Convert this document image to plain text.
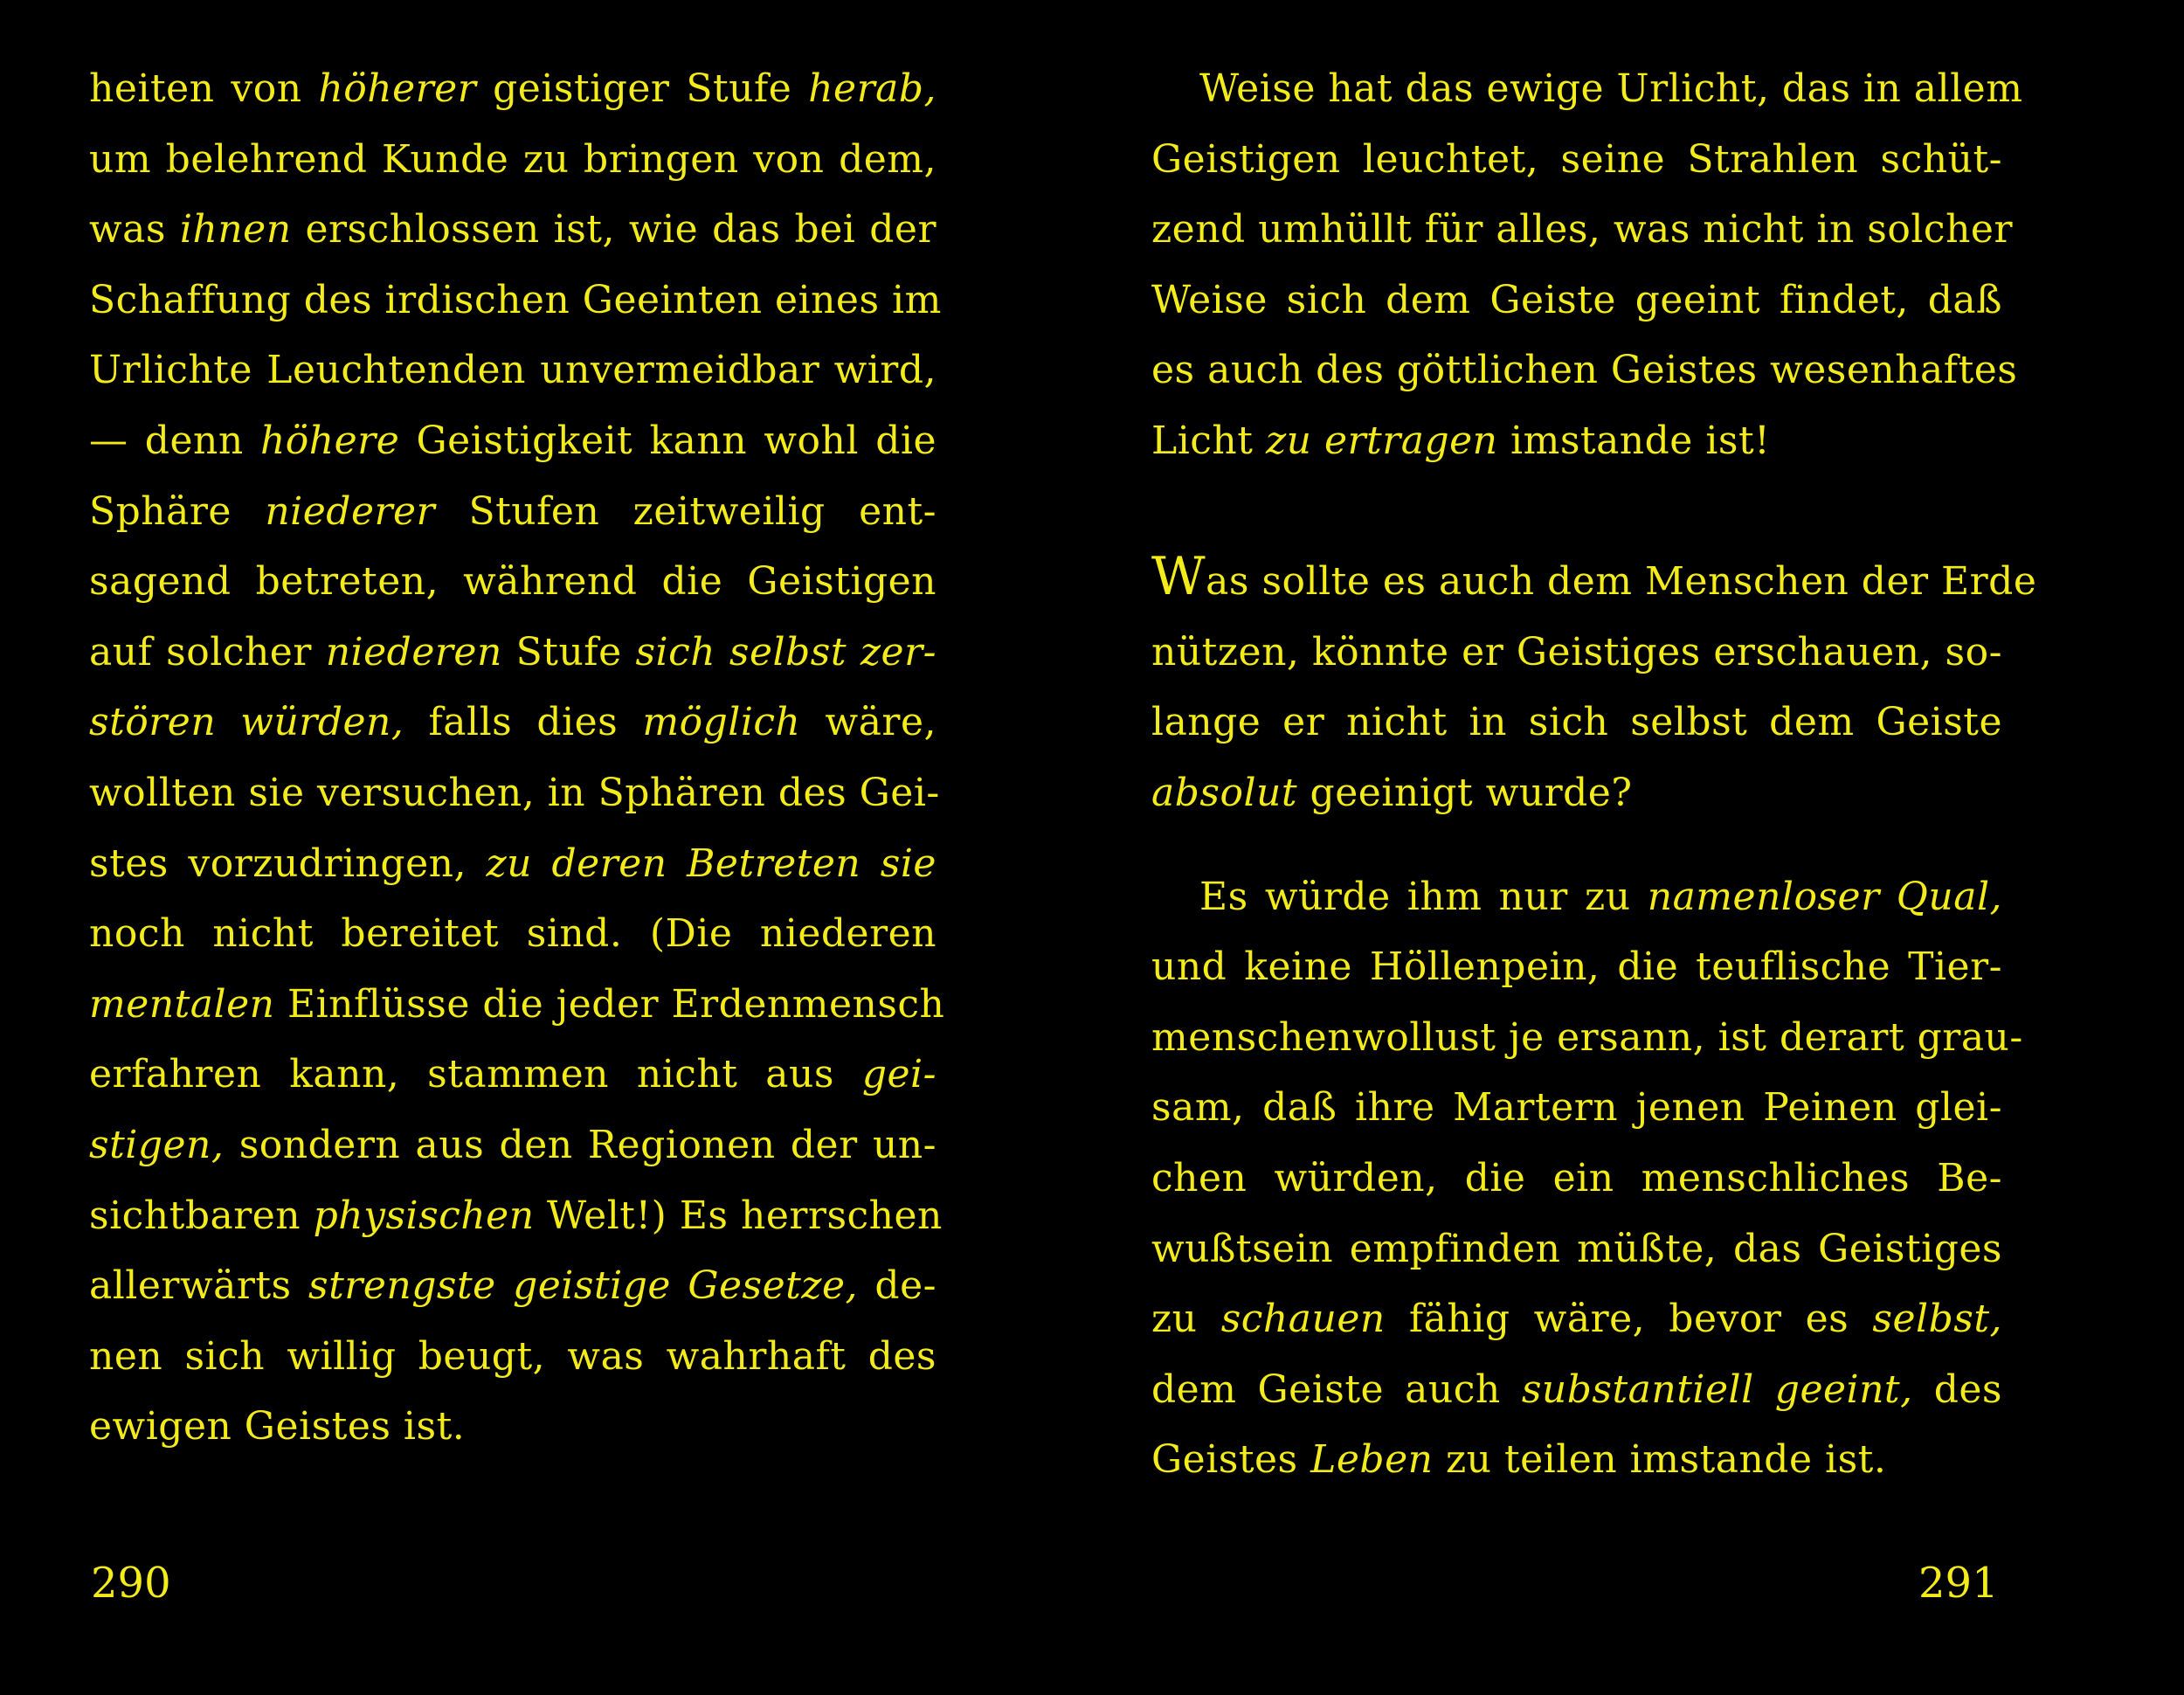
heiten von höherer geistiger Stufe herab,
um belehrend Kunde zu bringen von dem,
was ihnen erschlossen ist, wie das bei der
Schaffung des irdischen Geeinten eines im
Urlichte Leuchtenden unvermeidbar wird,
— denn höhere Geistigkeit kann wohl die
Sphäre niederer Stufen zeitweilig ent-
sagend betreten, während die Geistigen
auf solcher niederen Stufe sich selbst zer-
stören würden, falls dies möglich wäre,
wollten sie versuchen, in Sphären des Gei-
stes vorzudringen, zu deren Betreten sie
noch nicht bereitet sind. (Die niederen
mentalen Einflüsse die jeder Erdenmensch
erfahren kann, stammen nicht aus gei-
stigen, sondern aus den Regionen der un-
sichtbaren physischen Welt!) Es herrschen
allerwärts strengste geistige Gesetze, de-
nen sich willig beugt, was wahrhaft des
ewigen Geistes ist.
290
Weise hat das ewige Urlicht, das in allem
Geistigen leuchtet, seine Strahlen schüt-
zend umhüllt für alles, was nicht in solcher
Weise sich dem Geiste geeint findet, daß
es auch des göttlichen Geistes wesenhaftes
Licht zu ertragen imstande ist!
Was sollte es auch dem Menschen der Erde
nützen, könnte er Geistiges erschauen, so-
lange er nicht in sich selbst dem Geiste
absolut geeinigt wurde?
Es würde ihm nur zu namenloser Qual,
und keine Höllenpein, die teuflische Tier-
menschenwollust je ersann, ist derart grau-
sam, daß ihre Martern jenen Peinen glei-
chen würden, die ein menschliches Be-
wußtsein empfinden müßte, das Geistiges
zu schauen fähig wäre, bevor es selbst,
dem Geiste auch substantiell geeint, des
Geistes Leben zu teilen imstande ist.
291
